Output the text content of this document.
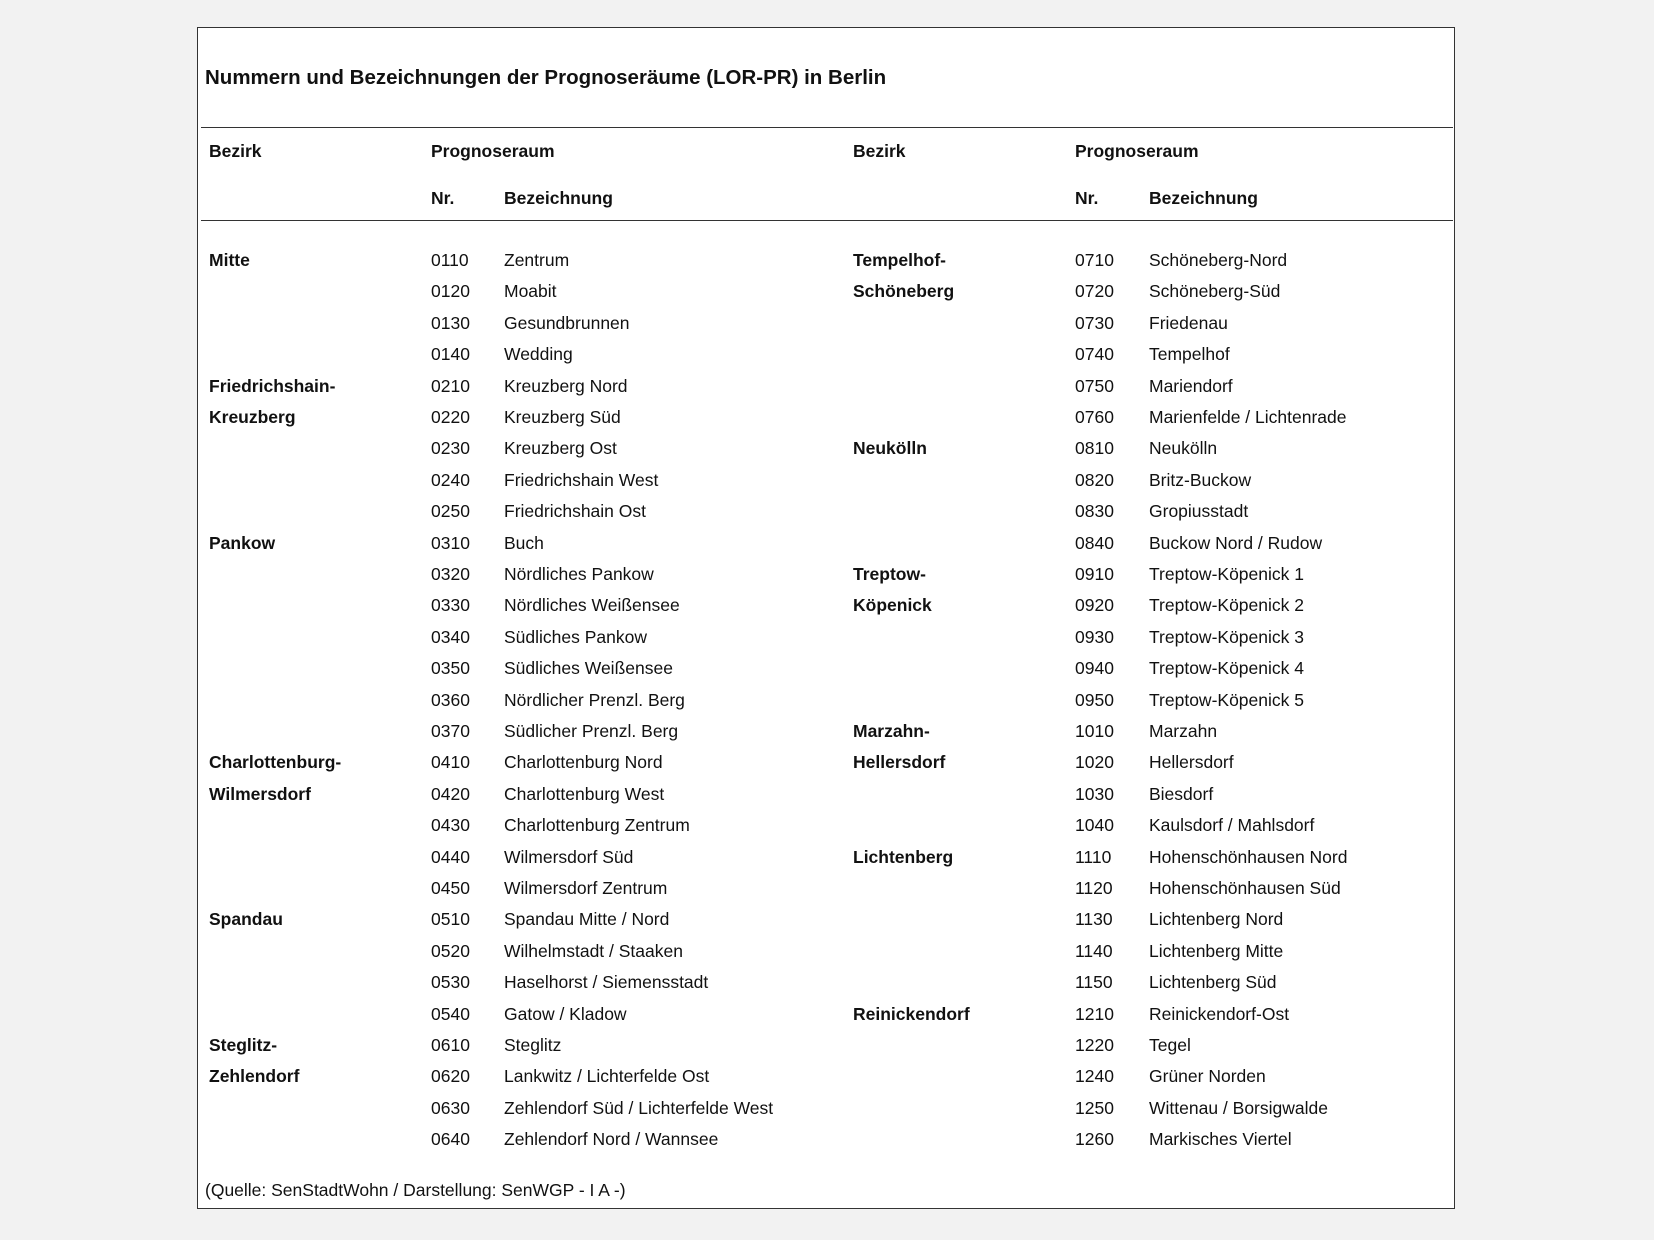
Nummern und Bezeichnungen der Prognoseräume (LOR-PR) in Berlin
Bezirk	Prognoseraum
Nr.	Bezeichnung
Bezirk	Prognoseraum
Nr.	Bezeichnung
Mitte	0110 Zentrum
0120 Moabit
0130 Gesundbrunnen
0140 Wedding
Friedrichshain-	0210 Kreuzberg Nord
Kreuzberg	0220 Kreuzberg Süd
0230 Kreuzberg Ost
0240 Friedrichshain West
0250 Friedrichshain Ost
Pankow	0310 Buch
0320 Nördliches Pankow
0330 Nördliches Weißensee
0340 Südliches Pankow
0350 Südliches Weißensee
0360 Nördlicher Prenzl. Berg
0370 Südlicher Prenzl. Berg
Charlottenburg-	0410 Charlottenburg Nord
Wilmersdorf	0420 Charlottenburg West
0430 Charlottenburg Zentrum
0440 Wilmersdorf Süd
0450 Wilmersdorf Zentrum
Spandau	0510 Spandau Mitte / Nord
0520 Wilhelmstadt / Staaken
0530 Haselhorst / Siemensstadt
0540 Gatow / Kladow
Steglitz-	0610 Steglitz
Zehlendorf	0620 Lankwitz / Lichterfelde Ost
0630 Zehlendorf Süd / Lichterfelde West
0640 Zehlendorf Nord / Wannsee
Tempelhof-	0710 Schöneberg-Nord
Schöneberg	0720 Schöneberg-Süd
0730 Friedenau
0740 Tempelhof
0750 Mariendorf
0760 Marienfelde / Lichtenrade
Neukölln	0810 Neukölln
0820 Britz-Buckow
0830 Gropiusstadt
0840 Buckow Nord / Rudow
Treptow-	0910 Treptow-Köpenick 1
Köpenick	0920 Treptow-Köpenick 2
0930 Treptow-Köpenick 3
0940 Treptow-Köpenick 4
0950 Treptow-Köpenick 5
Marzahn-	1010 Marzahn
Hellersdorf	1020 Hellersdorf
1030 Biesdorf
1040 Kaulsdorf / Mahlsdorf
Lichtenberg	1110 Hohenschönhausen Nord
1120 Hohenschönhausen Süd
1130 Lichtenberg Nord
1140 Lichtenberg Mitte
1150 Lichtenberg Süd
Reinickendorf	1210 Reinickendorf-Ost
1220 Tegel
1240 Grüner Norden
1250 Wittenau / Borsigwalde
1260 Markisches Viertel
(Quelle: SenStadtWohn / Darstellung: SenWGP - I A -)
